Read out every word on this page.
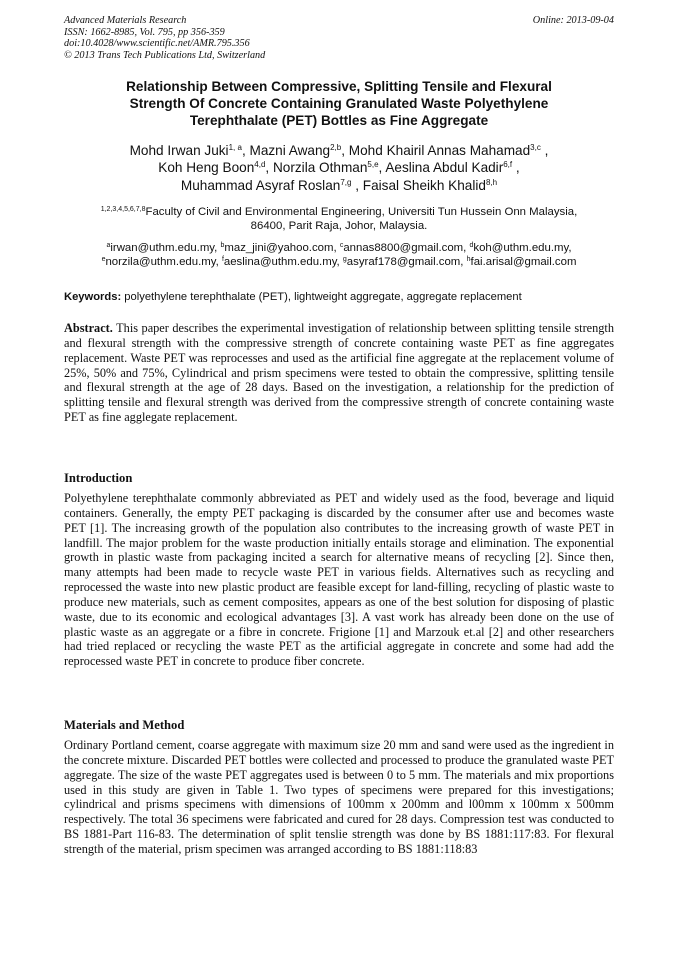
Advanced Materials Research
ISSN: 1662-8985, Vol. 795, pp 356-359
doi:10.4028/www.scientific.net/AMR.795.356
© 2013 Trans Tech Publications Ltd, Switzerland
Online: 2013-09-04
Relationship Between Compressive, Splitting Tensile and Flexural
Strength Of Concrete Containing Granulated Waste Polyethylene
Terephthalate (PET) Bottles as Fine Aggregate
Mohd Irwan Juki$^{1, a}$, Mazni Awang$^{2,b}$, Mohd Khairil Annas Mahamad$^{3,c}$ ,
Koh Heng Boon$^{4,d}$, Norzila Othman$^{5,e}$, Aeslina Abdul Kadir$^{6,f}$ ,
Muhammad Asyraf Roslan$^{7,g}$ , Faisal Sheikh Khalid$^{8,h}$
$^{1,2,3,4,5,6,7,8}$Faculty of Civil and Environmental Engineering, Universiti Tun Hussein Onn Malaysia,
86400, Parit Raja, Johor, Malaysia.
$^a$irwan@uthm.edu.my, $^b$maz_jini@yahoo.com, $^c$annas8800@gmail.com, $^d$koh@uthm.edu.my,
$^e$norzila@uthm.edu.my, $^f$aeslina@uthm.edu.my, $^g$asyraf178@gmail.com, $^h$fai.arisal@gmail.com
Keywords: polyethylene terephthalate (PET), lightweight aggregate, aggregate replacement
Abstract. This paper describes the experimental investigation of relationship between splitting tensile strength and flexural strength with the compressive strength of concrete containing waste PET as fine aggregates replacement. Waste PET was reprocesses and used as the artificial fine aggregate at the replacement volume of 25%, 50% and 75%, Cylindrical and prism specimens were tested to obtain the compressive, splitting tensile and flexural strength at the age of 28 days. Based on the investigation, a relationship for the prediction of splitting tensile and flexural strength was derived from the compressive strength of concrete containing waste PET as fine agglegate replacement.
Introduction
Polyethylene terephthalate commonly abbreviated as PET and widely used as the food, beverage and liquid containers. Generally, the empty PET packaging is discarded by the consumer after use and becomes waste PET [1]. The increasing growth of the population also contributes to the increasing growth of waste PET in landfill. The major problem for the waste production initially entails storage and elimination. The exponential growth in plastic waste from packaging incited a search for alternative means of recycling [2]. Since then, many attempts had been made to recycle waste PET in various fields. Alternatives such as recycling and reprocessed the waste into new plastic product are feasible except for land-filling, recycling of plastic waste to produce new materials, such as cement composites, appears as one of the best solution for disposing of plastic waste, due to its economic and ecological advantages [3]. A vast work has already been done on the use of plastic waste as an aggregate or a fibre in concrete. Frigione [1] and Marzouk et.al [2] and other researchers had tried replaced or recycling the waste PET as the artificial aggregate in concrete and some had add the reprocessed waste PET in concrete to produce fiber concrete.
Materials and Method
Ordinary Portland cement, coarse aggregate with maximum size 20 mm and sand were used as the ingredient in the concrete mixture. Discarded PET bottles were collected and processed to produce the granulated waste PET aggregate. The size of the waste PET aggregates used is between 0 to 5 mm. The materials and mix proportions used in this study are given in Table 1. Two types of specimens were prepared for this investigations; cylindrical and prisms specimens with dimensions of 100mm x 200mm and l00mm x 100mm x 500mm respectively. The total 36 specimens were fabricated and cured for 28 days. Compression test was conducted to BS 1881-Part 116-83. The determination of split tenslie strength was done by BS 1881:117:83. For flexural strength of the material, prism specimen was arranged according to BS 1881:118:83
